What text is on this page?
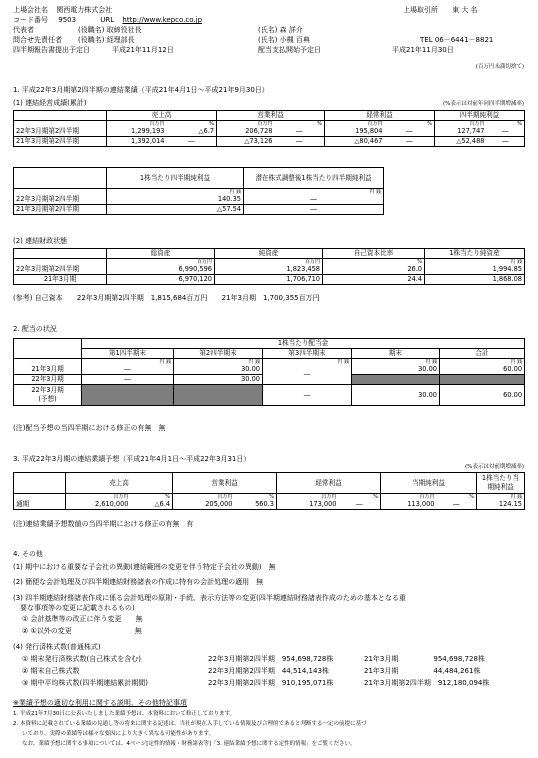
上場会社名 関西電力株式会社	上場取引所 東 大 名
コード番号 9503	URL http://www.kepco.co.jp
代表者	(役職名) 取締役社長	(氏名) 森 詳介
問合せ先責任者 (役職名) 経理部長	(氏名) 小槻 百典	TEL 06－6441－8821
四半期報告書提出予定日	平成21年11月12日	配当支払開始予定日	平成21年11月30日
(百万円未満切捨て)
1. 平成22年3月期第2四半期の連結業績（平成21年4月1日～平成21年9月30日）
(1) 連結経営成績(累計)	(%表示は対前年同四半期増減率)
	売上高		営業利益		経常利益		四半期純利益	
	百万円	%	百万円	%	百万円	%	百万円	%
22年3月期第2四半期	1,299,193	△6.7	206,728	―	195,804	―	127,747	―
21年3月期第2四半期	1,392,014	―	△73,126	―	△80,467	―	△52,488	―
	1株当たり四半期純利益	潜在株式調整後1株当たり四半期純利益
	円 銭	円 銭
22年3月期第2四半期	140.35	―
21年3月期第2四半期	△57.54	―
(2) 連結財政状態
	総資産	純資産	自己資本比率	1株当たり純資産
	百万円	百万円	%	円 銭
22年3月期第2四半期	6,990,596	1,823,458	26.0	1,994.85
21年3月期	6,970,120	1,706,710	24.4	1,868.08
(参考) 自己資本 22年3月期第2四半期　1,815,684百万円 21年3月期　1,700,355百万円
2. 配当の状況
	1株当たり配当金				
	第1四半期末	第2四半期末	第3四半期末	期末	合計
	円 銭	円 銭	円 銭	円 銭	円 銭
21年3月期	―	30.00	―	30.00	60.00
22年3月期	―	30.00			
22年3月期
(予想)			―	30.00	60.00
(注)配当予想の当四半期における修正の有無　無
3. 平成22年3月期の連結業績予想（平成21年4月1日～平成22年3月31日）
(%表示は対前期増減率)
	売上高		営業利益		経常利益		当期純利益		1株当たり当期純利益
	百万円	%	百万円	%	百万円	%	百万円	%	円 銭
通期	2,610,000	△6.4	205,000	560.3	173,000	―	113,000	―	124.15
(注)連結業績予想数値の当四半期における修正の有無　有
4. その他
(1) 期中における重要な子会社の異動(連結範囲の変更を伴う特定子会社の異動)　無
(2) 簡便な会計処理及び四半期連結財務諸表の作成に特有の会計処理の適用　無
(3) 四半期連結財務諸表作成に係る会計処理の原則・手続、表示方法等の変更(四半期連結財務諸表作成のための基本となる重
要な事項等の変更に記載されるもの)
① 会計基準等の改正に伴う変更　　無
② ①以外の変更　　　　　　　　　無
(4) 発行済株式数(普通株式)
① 期末発行済株式数(自己株式を含む)	22年3月期第2四半期　954,698,728株	21年3月期　　　　　954,698,728株
② 期末自己株式数	22年3月期第2四半期　44,514,143株	21年3月期　　　　　44,484,261株
③ 期中平均株式数(四半期連結累計期間)	22年3月期第2四半期　910,195,071株	21年3月期第2四半期　912,180,094株
※業績予想の適切な利用に関する説明、その他特記事項
1. 平成21年7月30日に公表いたしました業績予想は、本資料において修正しております。
2. 本資料に記載されている業績の見通し等の将来に関する記述は、当社が現在入手している情報及び合理的であると判断する一定の前提に基づ
いており、実際の業績等は様々な要因により大きく異なる可能性があります。
なお、業績予想に関する事項については、4ページ[定性的情報・財務諸表等]「3. 連結業績予想に関する定性的情報」をご覧ください。
